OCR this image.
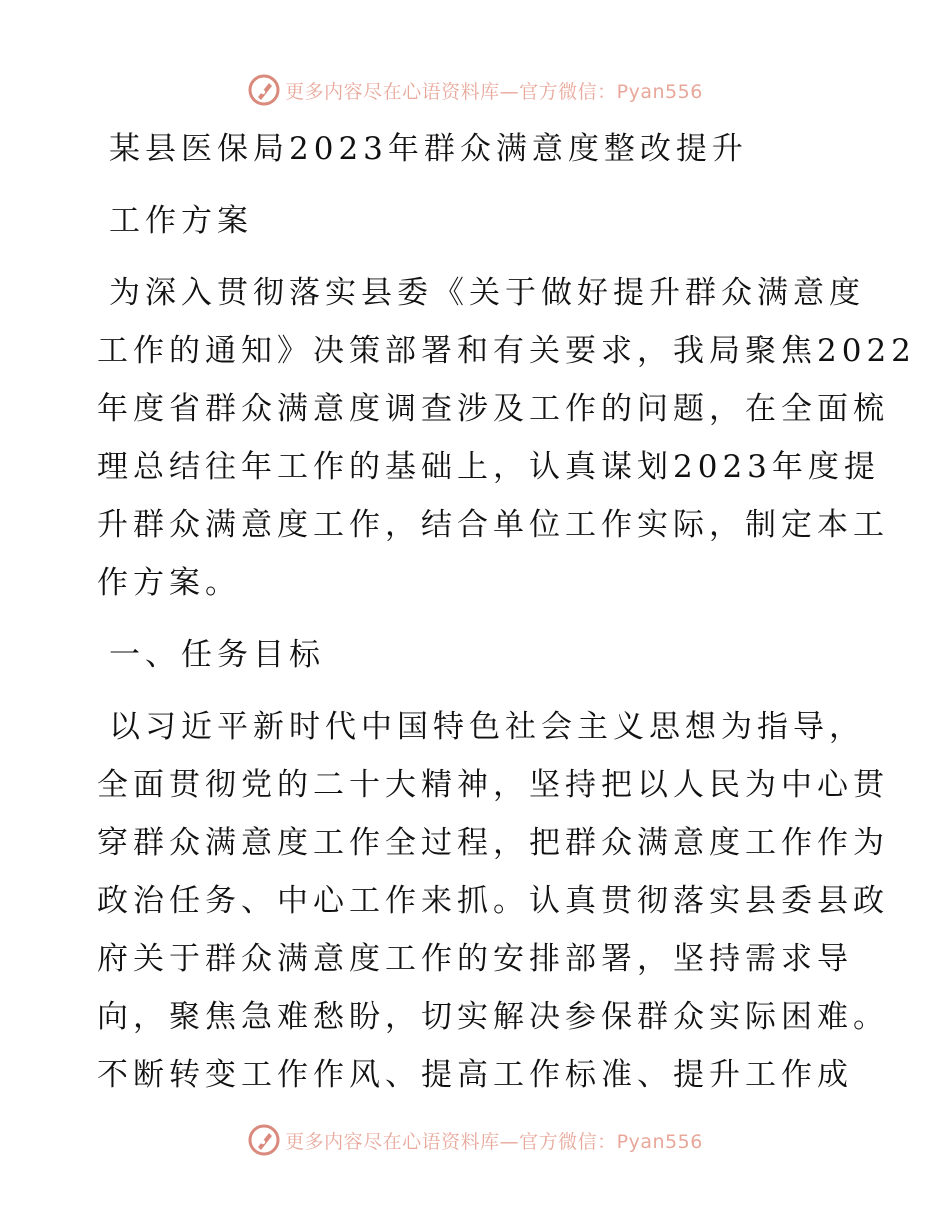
更多内容尽在心语资料库—官方微信：Pyan556
某县医保局2023年群众满意度整改提升
工作方案
为深入贯彻落实县委《关于做好提升群众满意度
工作的通知》决策部署和有关要求，我局聚焦2022
年度省群众满意度调查涉及工作的问题，在全面梳
理总结往年工作的基础上，认真谋划2023年度提
升群众满意度工作，结合单位工作实际，制定本工
作方案。
一、任务目标
以习近平新时代中国特色社会主义思想为指导，
全面贯彻党的二十大精神，坚持把以人民为中心贯
穿群众满意度工作全过程，把群众满意度工作作为
政治任务、中心工作来抓。认真贯彻落实县委县政
府关于群众满意度工作的安排部署，坚持需求导
向，聚焦急难愁盼，切实解决参保群众实际困难。
不断转变工作作风、提高工作标准、提升工作成
更多内容尽在心语资料库—官方微信：Pyan556
